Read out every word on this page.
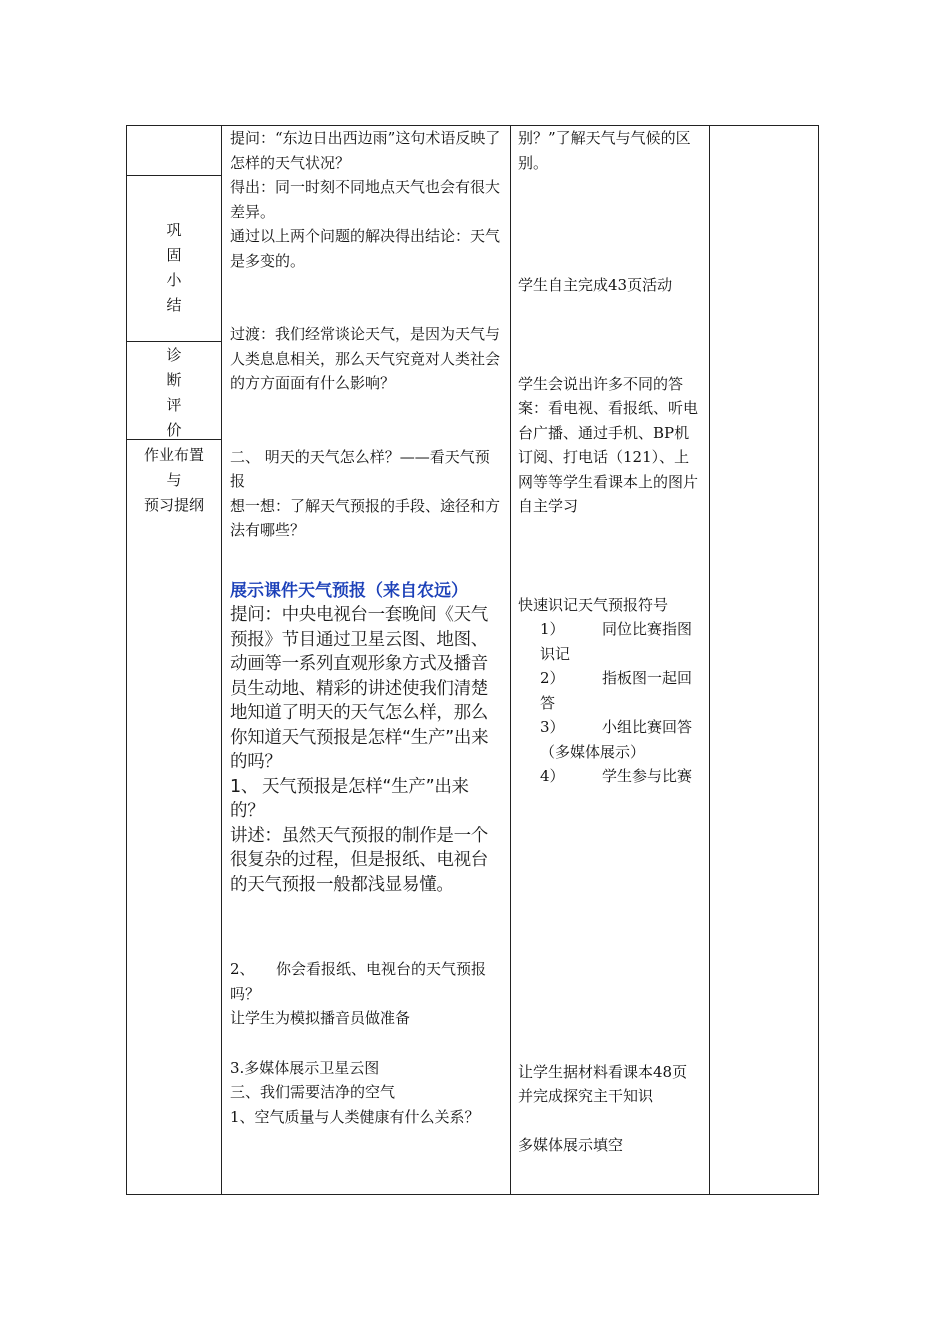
巩
固
小
结
诊
断
评
价
作业布置
与
预习提纲

提问：“东边日出西边雨”这句术语反映了怎样的天气状况？

得出：同一时刻不同地点天气也会有很大差异。

通过以上两个问题的解决得出结论：天气是多变的。

过渡：我们经常谈论天气，是因为天气与人类息息相关，那么天气究竟对人类社会的方方面面有什么影响？

二、 明天的天气怎么样？——看天气预报

想一想：了解天气预报的手段、途径和方法有哪些？

展示课件天气预报（来自农远）

提问：中央电视台一套晚间《天气预报》节目通过卫星云图、地图、动画等一系列直观形象方式及播音员生动地、精彩的讲述使我们清楚地知道了明天的天气怎么样，那么你知道天气预报是怎样“生产”出来的吗？

1、 天气预报是怎样“生产”出来的？

讲述：虽然天气预报的制作是一个很复杂的过程，但是报纸、电视台的天气预报一般都浅显易懂。

2、 你会看报纸、电视台的天气预报吗？

让学生为模拟播音员做准备

3.多媒体展示卫星云图

三、我们需要洁净的空气

1、空气质量与人类健康有什么关系？

别？”了解天气与气候的区别。

学生自主完成43页活动

学生会说出许多不同的答案：看电视、看报纸、听电台广播、通过手机、BP机订阅、打电话（121）、上网等等学生看课本上的图片自主学习

快速识记天气预报符号

1） 同位比赛指图识记

2） 指板图一起回答

3） 小组比赛回答（多媒体展示）

4） 学生参与比赛

让学生据材料看课本48页并完成探究主干知识

多媒体展示填空
